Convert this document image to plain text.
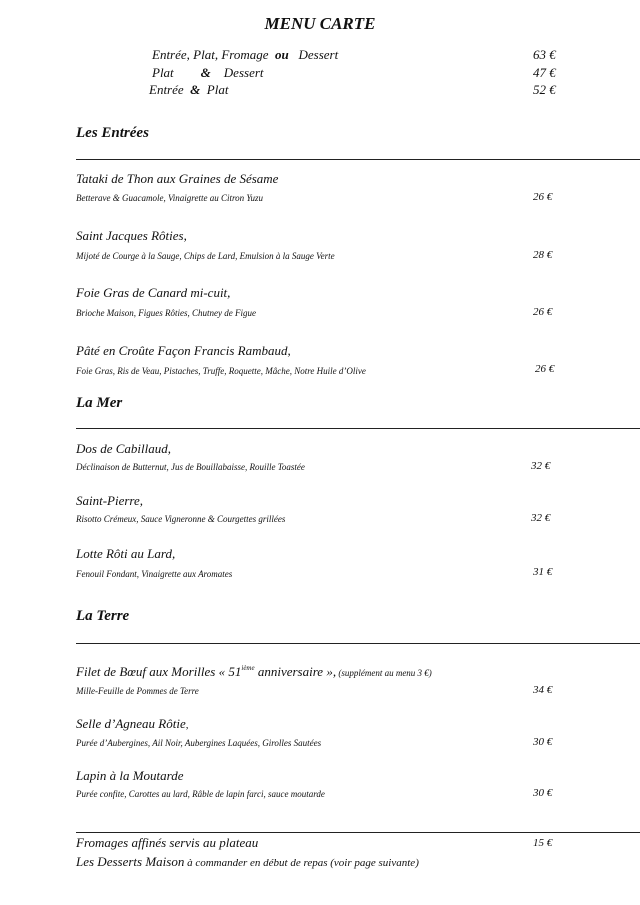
MENU CARTE
Entrée, Plat, Fromage ou Dessert	63 €
Plat & Dessert	47 €
Entrée & Plat	52 €
Les Entrées
Tataki de Thon aux Graines de Sésame
Betterave & Guacamole, Vinaigrette au Citron Yuzu	26 €
Saint Jacques Rôties,
Mijoté de Courge à la Sauge, Chips de Lard, Emulsion à la Sauge Verte	28 €
Foie Gras de Canard mi-cuit,
Brioche Maison, Figues Rôties, Chutney de Figue	26 €
Pâté en Croûte Façon Francis Rambaud,
Foie Gras, Ris de Veau, Pistaches, Truffe, Roquette, Mâche, Notre Huile d’Olive	26 €
La Mer
Dos de Cabillaud,
Déclinaison de Butternut, Jus de Bouillabaisse, Rouille Toastée	32 €
Saint-Pierre,
Risotto Crémeux, Sauce Vigneronne & Courgettes grillées	32 €
Lotte Rôti au Lard,
Fenouil Fondant, Vinaigrette aux Aromates	31 €
La Terre
Filet de Bœuf aux Morilles « 51ième anniversaire », (supplément au menu 3 €)
Mille-Feuille de Pommes de Terre	34 €
Selle d’Agneau Rôtie,
Purée d’Aubergines, Ail Noir, Aubergines Laquées, Girolles Sautées	30 €
Lapin à la Moutarde
Purée confite, Carottes au lard, Râble de lapin farci, sauce moutarde	30 €
Fromages affinés servis au plateau	15 €
Les Desserts Maison à commander en début de repas (voir page suivante)
